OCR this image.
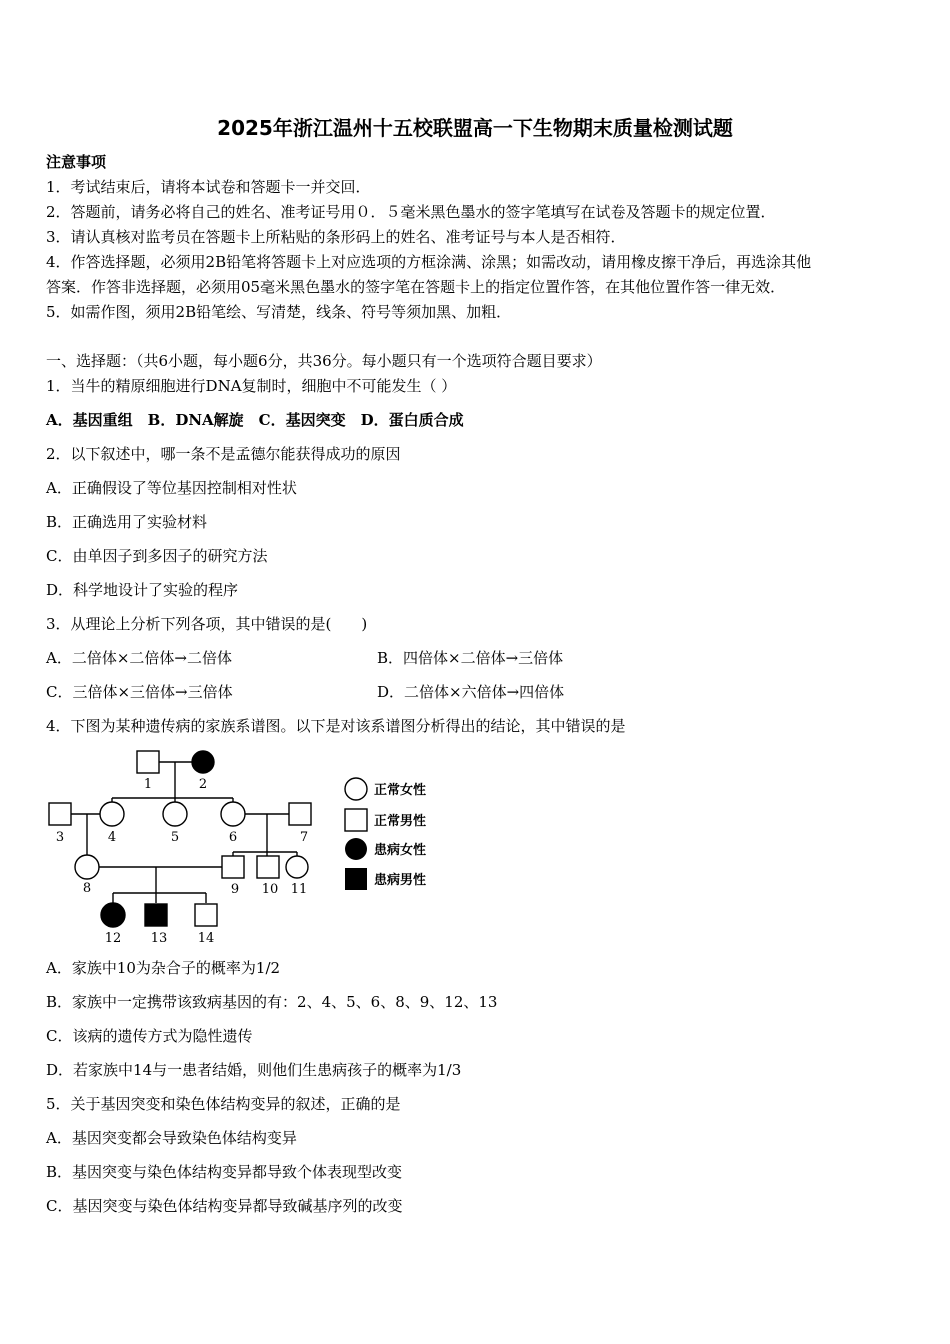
2025年浙江温州十五校联盟高一下生物期末质量检测试题
注意事项
1．考试结束后，请将本试卷和答题卡一并交回．
2．答题前，请务必将自己的姓名、准考证号用０．５毫米黑色墨水的签字笔填写在试卷及答题卡的规定位置．
3．请认真核对监考员在答题卡上所粘贴的条形码上的姓名、准考证号与本人是否相符．
4．作答选择题，必须用2B铅笔将答题卡上对应选项的方框涂满、涂黑；如需改动，请用橡皮擦干净后，再选涂其他
答案．作答非选择题，必须用05毫米黑色墨水的签字笔在答题卡上的指定位置作答，在其他位置作答一律无效．
5．如需作图，须用2B铅笔绘、写清楚，线条、符号等须加黑、加粗．
一、选择题：（共6小题，每小题6分，共36分。每小题只有一个选项符合题目要求）
1．当牛的精原细胞进行DNA复制时，细胞中不可能发生（ ）
A．基因重组　B．DNA解旋　C．基因突变　D．蛋白质合成
2．以下叙述中，哪一条不是孟德尔能获得成功的原因
A．正确假设了等位基因控制相对性状
B．正确选用了实验材料
C．由单因子到多因子的研究方法
D．科学地设计了实验的程序
3．从理论上分析下列各项，其中错误的是(　　)
A．二倍体×二倍体→二倍体	B．四倍体×二倍体→三倍体
C．三倍体×三倍体→三倍体	D．二倍体×六倍体→四倍体
4．下图为某种遗传病的家族系谱图。以下是对该系谱图分析得出的结论，其中错误的是
1	2
3	4	5	6	7
8	9 10 11
12 13 14
正常女性
正常男性
患病女性
患病男性
A．家族中10为杂合子的概率为1/2
B．家族中一定携带该致病基因的有：2、4、5、6、8、9、12、13
C．该病的遗传方式为隐性遗传
D．若家族中14与一患者结婚，则他们生患病孩子的概率为1/3
5．关于基因突变和染色体结构变异的叙述，正确的是
A．基因突变都会导致染色体结构变异
B．基因突变与染色体结构变异都导致个体表现型改变
C．基因突变与染色体结构变异都导致碱基序列的改变
